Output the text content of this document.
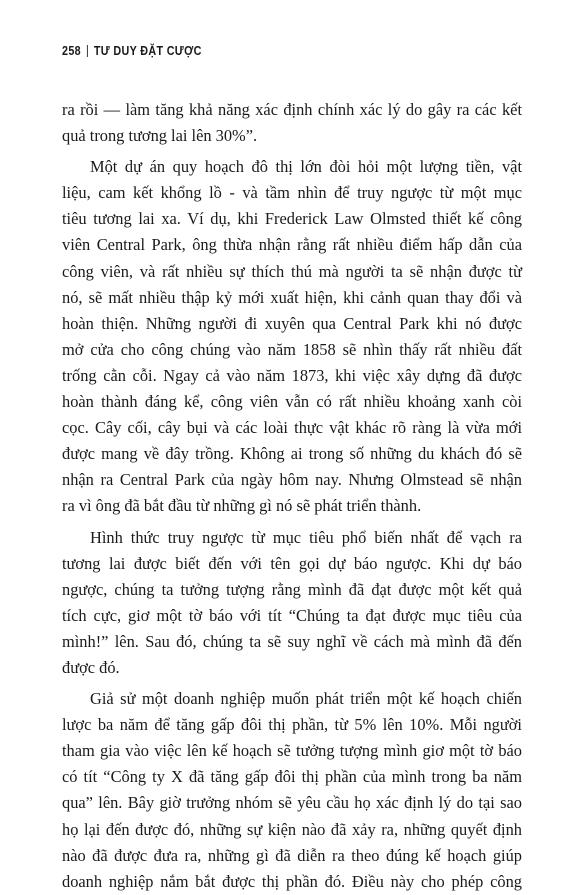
258 TƯ DUY ĐẶT CƯỢC
ra rồi — làm tăng khả năng xác định chính xác lý do gây ra các kết
quả trong tương lai lên 30%”.
Một dự án quy hoạch đô thị lớn đòi hỏi một lượng tiền, vật
liệu, cam kết khổng lồ - và tầm nhìn để truy ngược từ một mục
tiêu tương lai xa. Ví dụ, khi Frederick Law Olmsted thiết kế công
viên Central Park, ông thừa nhận rằng rất nhiều điểm hấp dẫn của
công viên, và rất nhiều sự thích thú mà người ta sẽ nhận được từ
nó, sẽ mất nhiều thập kỷ mới xuất hiện, khi cảnh quan thay đổi và
hoàn thiện. Những người đi xuyên qua Central Park khi nó được
mở cửa cho công chúng vào năm 1858 sẽ nhìn thấy rất nhiều đất
trống cằn cỗi. Ngay cả vào năm 1873, khi việc xây dựng đã được
hoàn thành đáng kể, công viên vẫn có rất nhiều khoảng xanh còi
cọc. Cây cối, cây bụi và các loài thực vật khác rõ ràng là vừa mới
được mang về đây trồng. Không ai trong số những du khách đó sẽ
nhận ra Central Park của ngày hôm nay. Nhưng Olmstead sẽ nhận
ra vì ông đã bắt đầu từ những gì nó sẽ phát triển thành.
Hình thức truy ngược từ mục tiêu phổ biến nhất để vạch ra
tương lai được biết đến với tên gọi dự báo ngược. Khi dự báo
ngược, chúng ta tưởng tượng rằng mình đã đạt được một kết quả
tích cực, giơ một tờ báo với tít “Chúng ta đạt được mục tiêu của
mình!” lên. Sau đó, chúng ta sẽ suy nghĩ về cách mà mình đã đến
được đó.
Giả sử một doanh nghiệp muốn phát triển một kế hoạch chiến
lược ba năm để tăng gấp đôi thị phần, từ 5% lên 10%. Mỗi người
tham gia vào việc lên kế hoạch sẽ tưởng tượng mình giơ một tờ báo
có tít “Công ty X đã tăng gấp đôi thị phần của mình trong ba năm
qua” lên. Bây giờ trưởng nhóm sẽ yêu cầu họ xác định lý do tại sao
họ lại đến được đó, những sự kiện nào đã xảy ra, những quyết định
nào đã được đưa ra, những gì đã diễn ra theo đúng kế hoạch giúp
doanh nghiệp nắm bắt được thị phần đó. Điều này cho phép công
